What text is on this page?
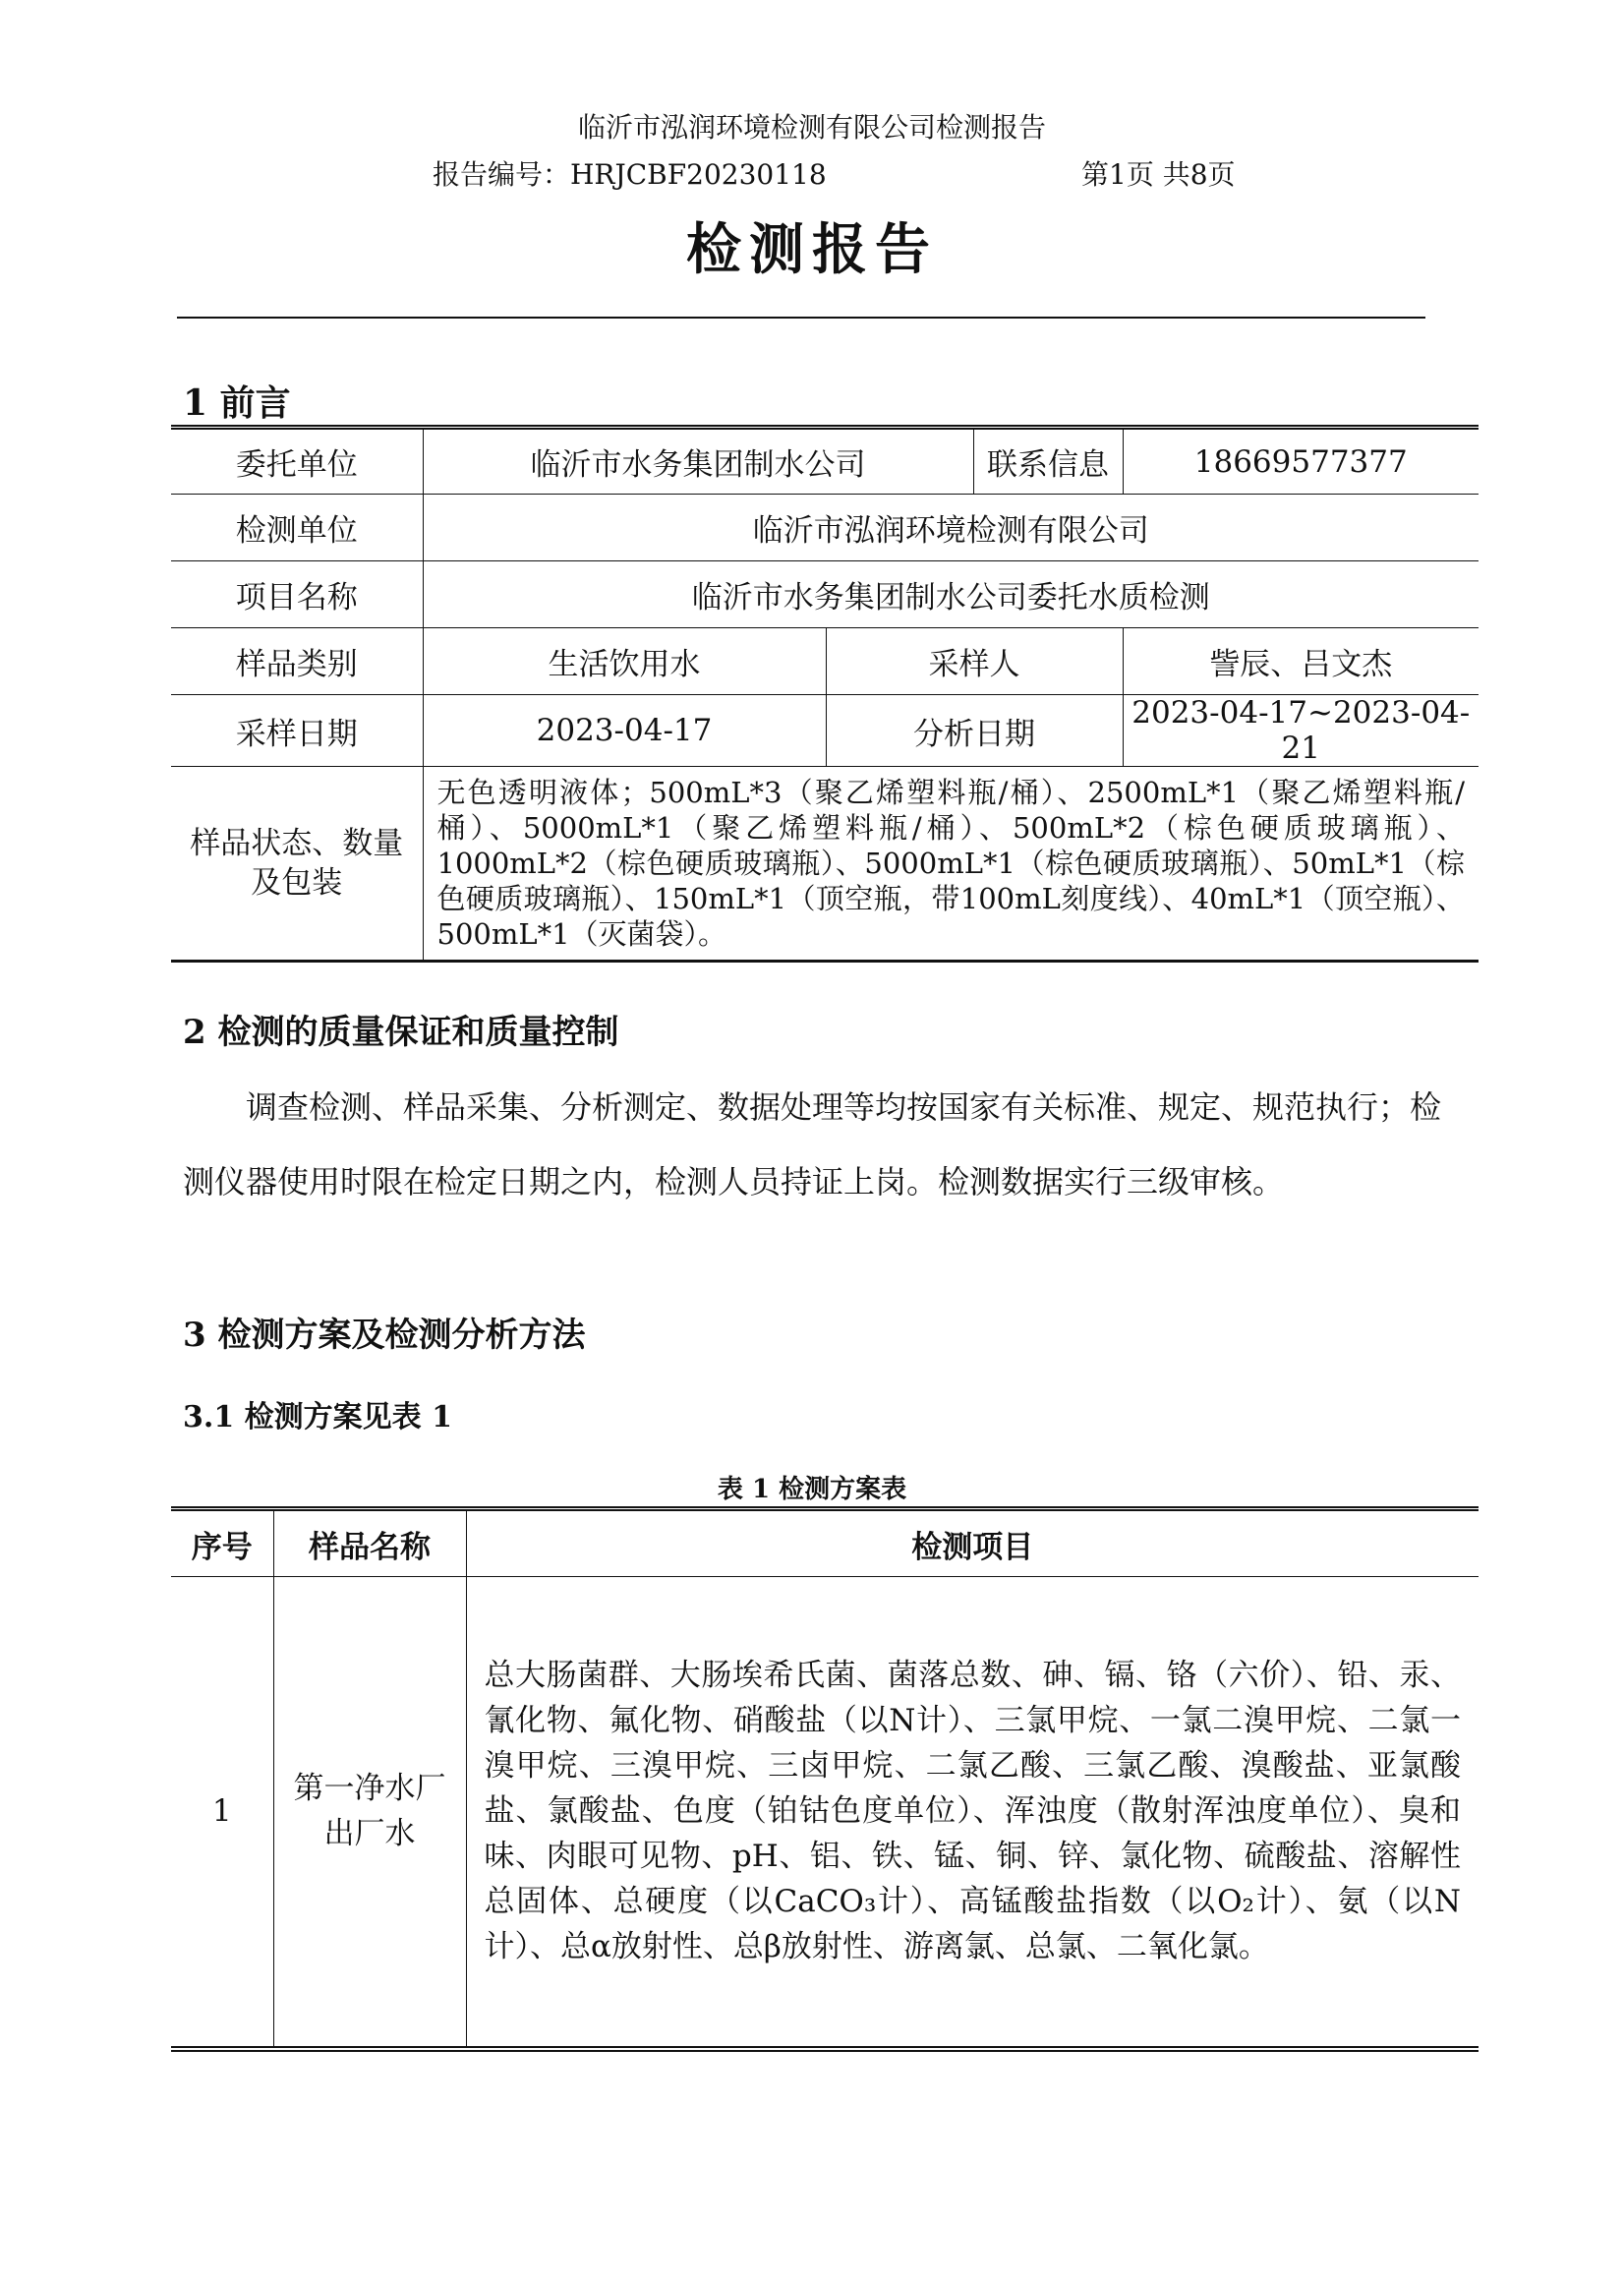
临沂市泓润环境检测有限公司检测报告
报告编号：HRJCBF20230118	第1页 共8页
检测报告
1 前言
委托单位	临沂市水务集团制水公司		联系信息	18669577377
检测单位	临沂市泓润环境检测有限公司			
项目名称	临沂市水务集团制水公司委托水质检测			
样品类别	生活饮用水	采样人		訾辰、吕文杰
采样日期	2023-04-17	分析日期		2023-04-17~2023-04-21
样品状态、数量及包装	无色透明液体；500mL*3（聚乙烯塑料瓶/桶）、2500mL*1（聚乙烯塑料瓶/桶）、5000mL*1（聚乙烯塑料瓶/桶）、500mL*2（棕色硬质玻璃瓶）、1000mL*2（棕色硬质玻璃瓶）、5000mL*1（棕色硬质玻璃瓶）、50mL*1（棕色硬质玻璃瓶）、150mL*1（顶空瓶，带100mL刻度线）、40mL*1（顶空瓶）、500mL*1（灭菌袋）。			
2 检测的质量保证和质量控制
调查检测、样品采集、分析测定、数据处理等均按国家有关标准、规定、规范执行；检测仪器使用时限在检定日期之内，检测人员持证上岗。检测数据实行三级审核。
3 检测方案及检测分析方法
3.1 检测方案见表 1
表 1 检测方案表
序号	样品名称	检测项目
1	第一净水厂出厂水	总大肠菌群、大肠埃希氏菌、菌落总数、砷、镉、铬（六价）、铅、汞、氰化物、氟化物、硝酸盐（以N计）、三氯甲烷、一氯二溴甲烷、二氯一溴甲烷、三溴甲烷、三卤甲烷、二氯乙酸、三氯乙酸、溴酸盐、亚氯酸盐、氯酸盐、色度（铂钴色度单位）、浑浊度（散射浑浊度单位）、臭和味、肉眼可见物、pH、铝、铁、锰、铜、锌、氯化物、硫酸盐、溶解性总固体、总硬度（以CaCO₃计）、高锰酸盐指数（以O₂计）、氨（以N计）、总α放射性、总β放射性、游离氯、总氯、二氧化氯。
